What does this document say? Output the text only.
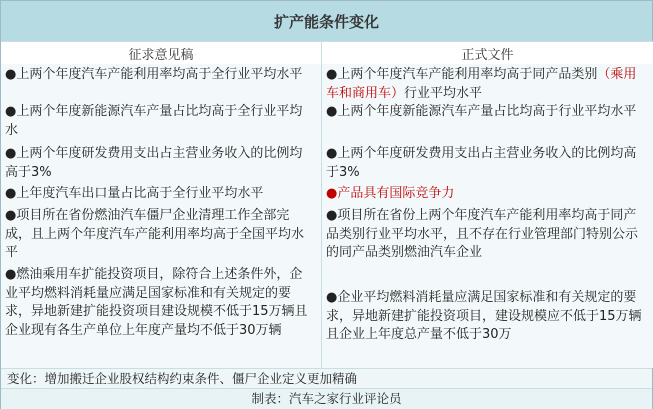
扩产能条件变化
征求意见稿	正式文件
●上两个年度汽车产能利用率均高于全行业平均水平
●上两个年度新能源汽车产量占比均高于全行业平均水
●上两个年度研发费用支出占主营业务收入的比例均高于3%
●上年度汽车出口量占比高于全行业平均水平
●项目所在省份燃油汽车僵尸企业清理工作全部完成，且上两个年度汽车产能利用率均高于全国平均水平
●燃油乘用车扩能投资项目，除符合上述条件外，企业平均燃料消耗量应满足国家标准和有关规定的要求，异地新建扩能投资项目建设规模不低于15万辆且企业现有各生产单位上年度产量均不低于30万辆
●上两个年度汽车产能利用率均高于同产品类别（乘用车和商用车）行业平均水平
●上两个年度新能源汽车产量占比均高于行业平均水平
●上两个年度研发费用支出占主营业务收入的比例均高于3%
●产品具有国际竞争力
●项目所在省份上两个年度汽车产能利用率均高于同产品类别行业平均水平，且不存在行业管理部门特别公示的同产品类别燃油汽车企业
●企业平均燃料消耗量应满足国家标准和有关规定的要求，异地新建扩能投资项目，建设规模应不低于15万辆且企业上年度总产量不低于30万
变化：增加搬迁企业股权结构约束条件、僵尸企业定义更加精确
制表：汽车之家行业评论员
